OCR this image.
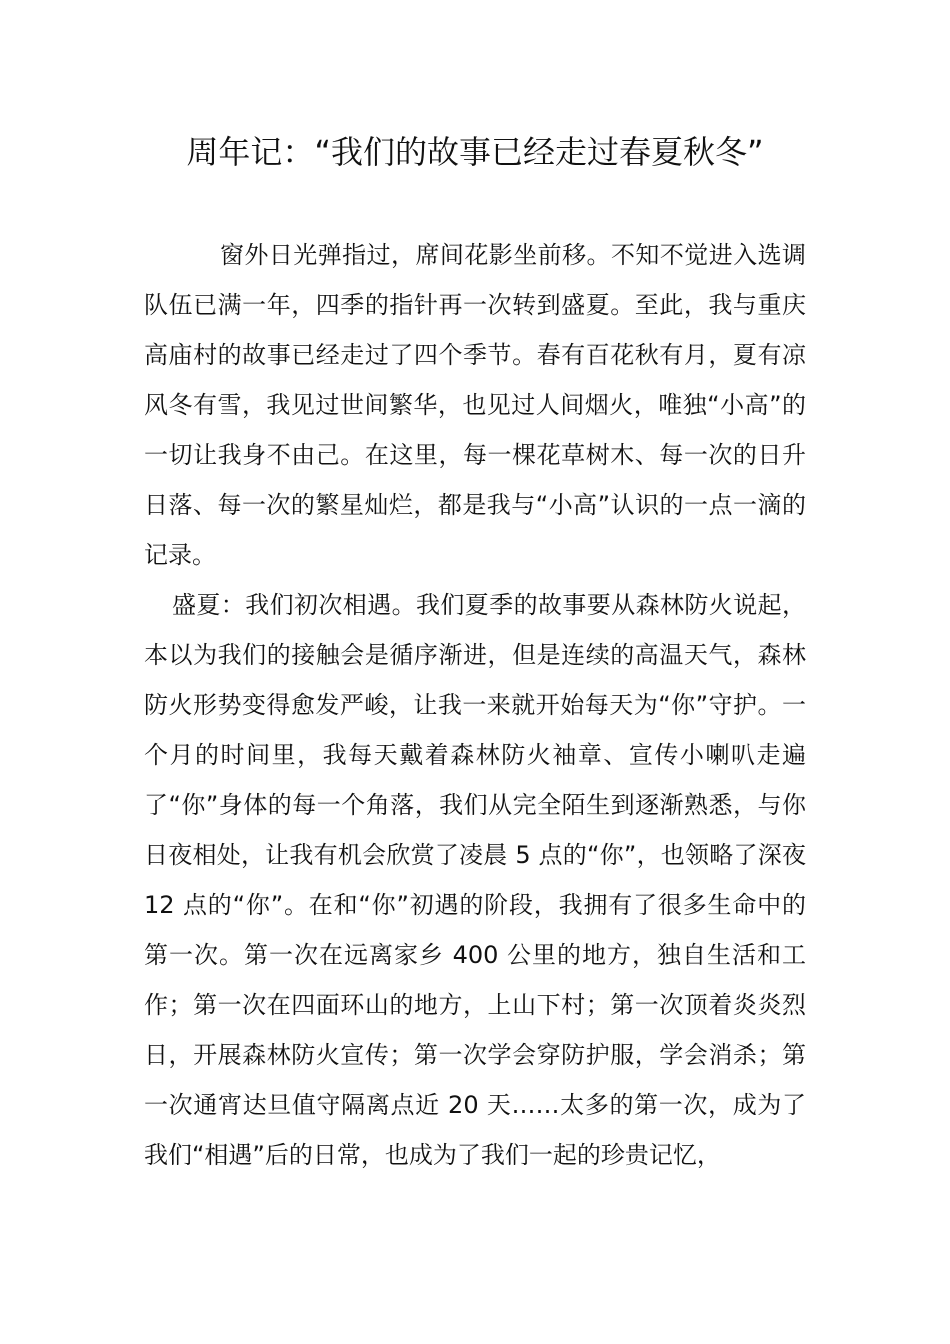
周年记：“我们的故事已经走过春夏秋冬”

窗外日光弹指过，席间花影坐前移。不知不觉进入选调队伍已满一年，四季的指针再一次转到盛夏。至此，我与重庆高庙村的故事已经走过了四个季节。春有百花秋有月，夏有凉风冬有雪，我见过世间繁华，也见过人间烟火，唯独“小高”的一切让我身不由己。在这里，每一棵花草树木、每一次的日升日落、每一次的繁星灿烂，都是我与“小高”认识的一点一滴的记录。

盛夏：我们初次相遇。我们夏季的故事要从森林防火说起，本以为我们的接触会是循序渐进，但是连续的高温天气，森林防火形势变得愈发严峻，让我一来就开始每天为“你”守护。一个月的时间里，我每天戴着森林防火袖章、宣传小喇叭走遍了“你”身体的每一个角落，我们从完全陌生到逐渐熟悉，与你日夜相处，让我有机会欣赏了凌晨 5 点的“你”，也领略了深夜 12 点的“你”。在和“你”初遇的阶段，我拥有了很多生命中的第一次。第一次在远离家乡 400 公里的地方，独自生活和工作；第一次在四面环山的地方，上山下村；第一次顶着炎炎烈日，开展森林防火宣传；第一次学会穿防护服，学会消杀；第一次通宵达旦值守隔离点近 20 天……太多的第一次，成为了我们“相遇”后的日常，也成为了我们一起的珍贵记忆，
